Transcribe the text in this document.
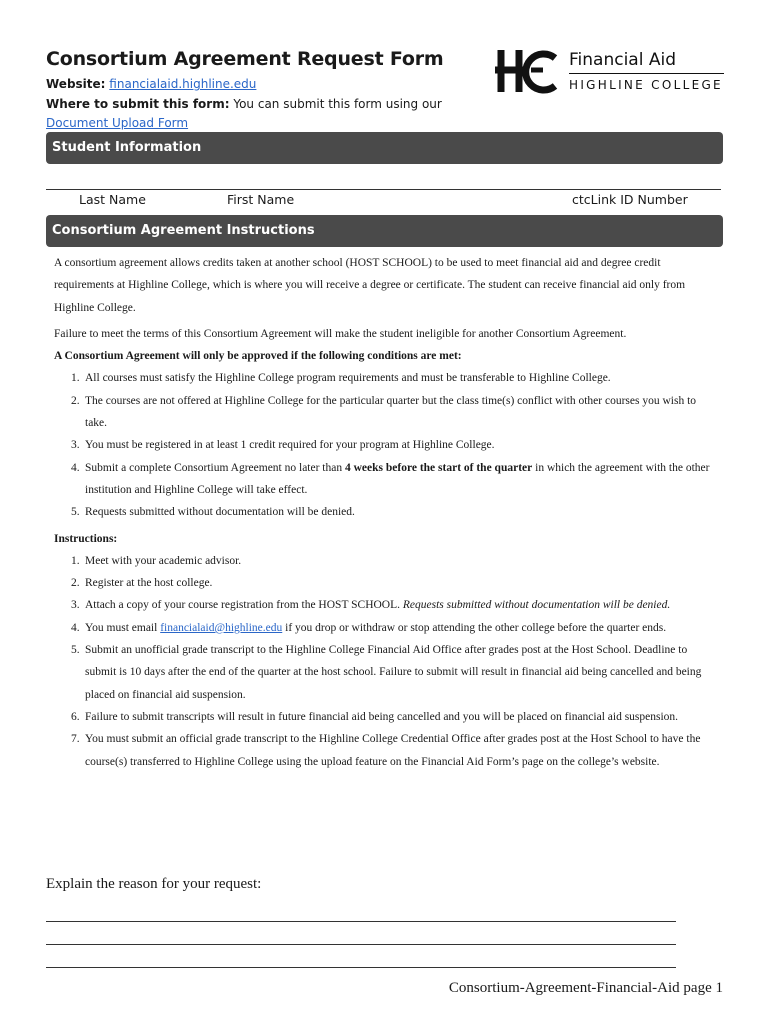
Consortium Agreement Request Form
Website: financialaid.highline.edu
Where to submit this form: You can submit this form using our
Document Upload Form
Financial Aid
HIGHLINE COLLEGE
Student Information
Last Name	First Name	ctcLink ID Number
Consortium Agreement Instructions

A consortium agreement allows credits taken at another school (HOST SCHOOL) to be used to meet financial aid and degree credit requirements at Highline College, which is where you will receive a degree or certificate. The student can receive financial aid only from Highline College.

Failure to meet the terms of this Consortium Agreement will make the student ineligible for another Consortium Agreement.

A Consortium Agreement will only be approved if the following conditions are met:

1. All courses must satisfy the Highline College program requirements and must be transferable to Highline College.
2. The courses are not offered at Highline College for the particular quarter but the class time(s) conflict with other courses you wish to take.
3. You must be registered in at least 1 credit required for your program at Highline College.
4. Submit a complete Consortium Agreement no later than 4 weeks before the start of the quarter in which the agreement with the other institution and Highline College will take effect.
5. Requests submitted without documentation will be denied.

Instructions:

1. Meet with your academic advisor.
2. Register at the host college.
3. Attach a copy of your course registration from the HOST SCHOOL. Requests submitted without documentation will be denied.
4. You must email financialaid@highline.edu if you drop or withdraw or stop attending the other college before the quarter ends.
5. Submit an unofficial grade transcript to the Highline College Financial Aid Office after grades post at the Host School. Deadline to submit is 10 days after the end of the quarter at the host school. Failure to submit will result in financial aid being cancelled and being placed on financial aid suspension.
6. Failure to submit transcripts will result in future financial aid being cancelled and you will be placed on financial aid suspension.
7. You must submit an official grade transcript to the Highline College Credential Office after grades post at the Host School to have the course(s) transferred to Highline College using the upload feature on the Financial Aid Form’s page on the college’s website.
Explain the reason for your request:
Consortium-Agreement-Financial-Aid page 1
